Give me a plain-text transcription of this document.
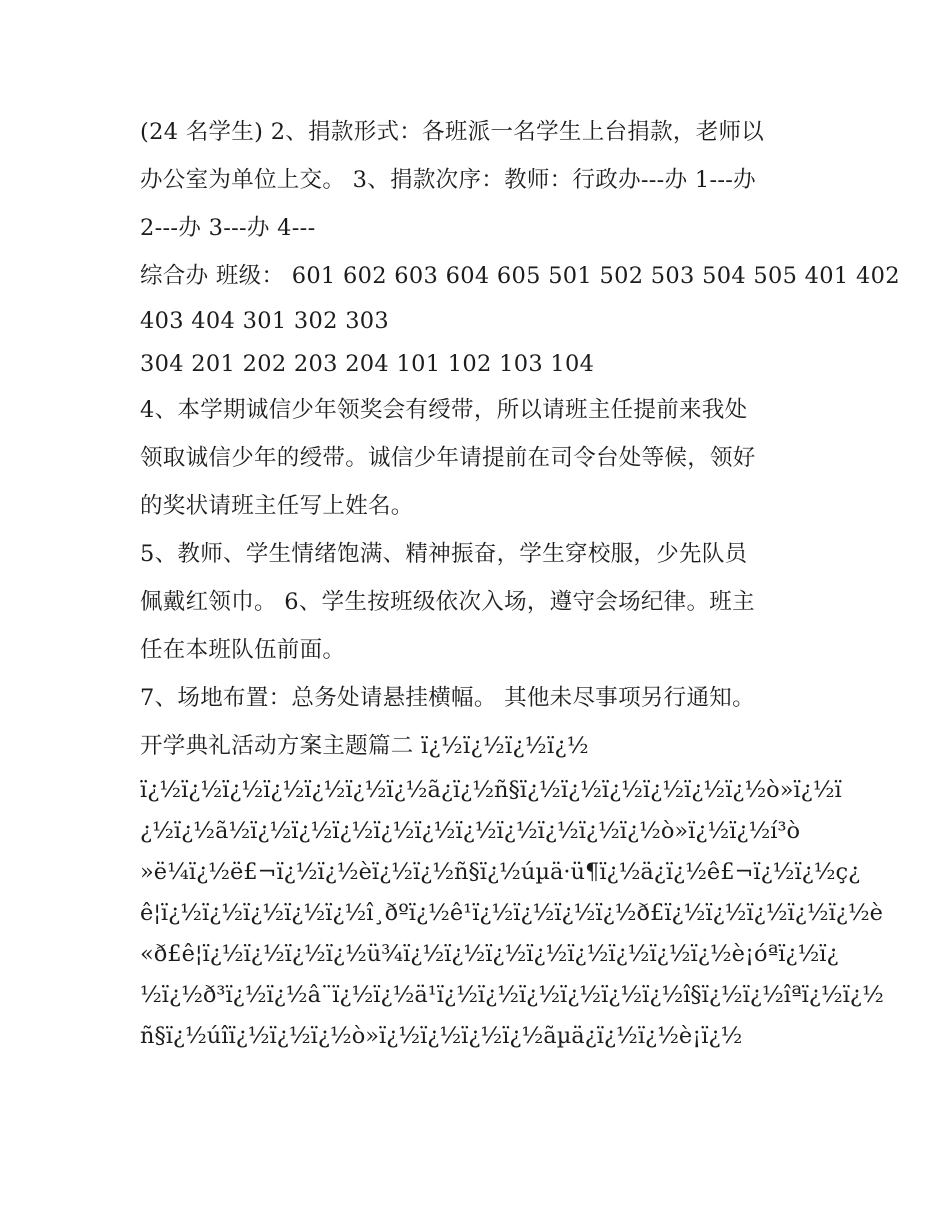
(24 名学生) 2、捐款形式：各班派一名学生上台捐款，老师以
办公室为单位上交。 3、捐款次序：教师：行政办---办 1---办
2---办 3---办 4---
综合办 班级： 601 602 603 604 605 501 502 503 504 505 401 402
403 404 301 302 303
304 201 202 203 204 101 102 103 104
4、本学期诚信少年领奖会有绶带，所以请班主任提前来我处
领取诚信少年的绶带。诚信少年请提前在司令台处等候，领好
的奖状请班主任写上姓名。
5、教师、学生情绪饱满、精神振奋，学生穿校服，少先队员
佩戴红领巾。 6、学生按班级依次入场，遵守会场纪律。班主
任在本班队伍前面。
7、场地布置：总务处请悬挂横幅。 其他未尽事项另行通知。
开学典礼活动方案主题篇二 ï¿½ï¿½ï¿½ï¿½
ï¿½ï¿½ï¿½ï¿½ï¿½ï¿½ï¿½ã¿ï¿½ñ§ï¿½ï¿½ï¿½ï¿½ï¿½ï¿½ò»ï¿½ï
¿½ï¿½ã½ï¿½ï¿½ï¿½ï¿½ï¿½ï¿½ï¿½ï¿½ï¿½ï¿½ò»ï¿½ï¿½í³ò
»ë¼ï¿½ë£¬ï¿½ï¿½èï¿½ï¿½ñ§ï¿½úµä·ü¶ï¿½ä¿ï¿½ê£¬ï¿½ï¿½ç¿
ê¦ï¿½ï¿½ï¿½ï¿½ï¿½î¸ðºï¿½ê¹ï¿½ï¿½ï¿½ï¿½ð£ï¿½ï¿½ï¿½ï¿½ï¿½è
«ð£ê¦ï¿½ï¿½ï¿½ï¿½ü¾ï¿½ï¿½ï¿½ï¿½ï¿½ï¿½ï¿½ï¿½è¡óªï¿½ï¿
½ï¿½ð³ï¿½ï¿½â¨ï¿½ï¿½ä¹ï¿½ï¿½ï¿½ï¿½ï¿½ï¿½î§ï¿½ï¿½îªï¿½ï¿½
ñ§ï¿½úîï¿½ï¿½ï¿½ò»ï¿½ï¿½ï¿½ï¿½ãµä¿ï¿½ï¿½è¡ï¿½
